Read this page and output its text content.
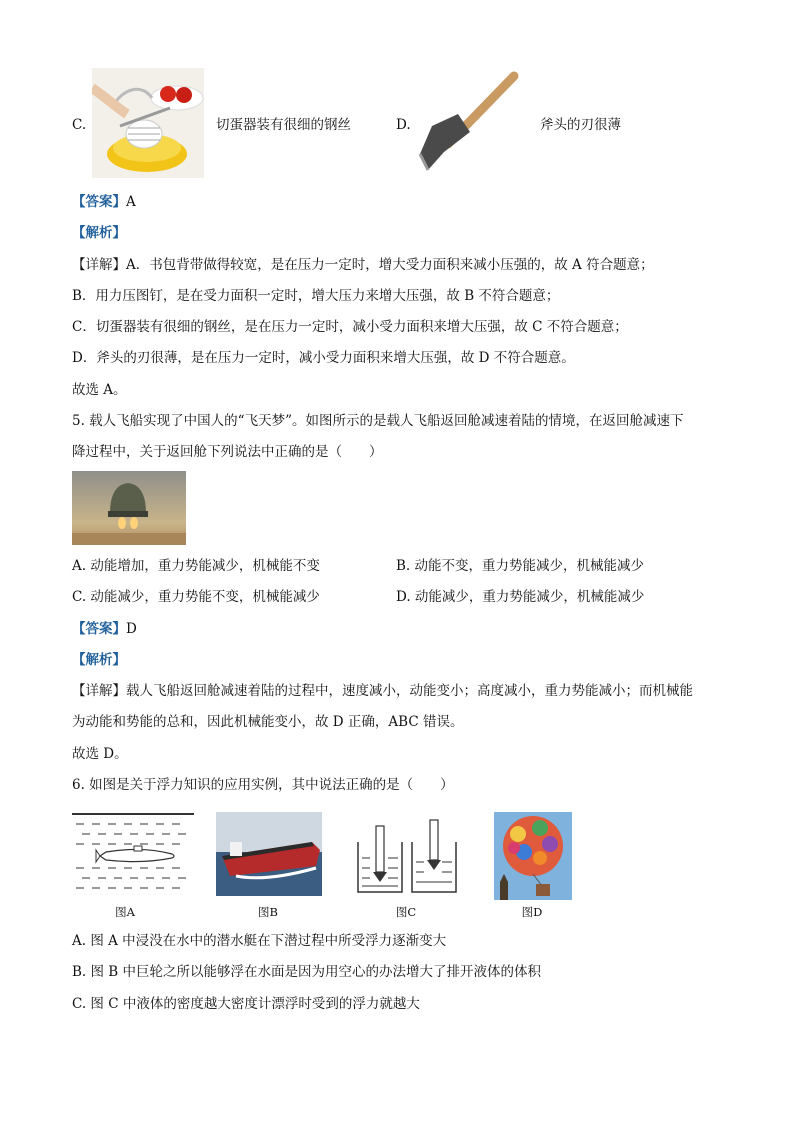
C.	切蛋器装有很细的钢丝	D.	斧头的刃很薄
【答案】A
【解析】
【详解】A．书包背带做得较宽，是在压力一定时，增大受力面积来减小压强的，故 A 符合题意；
B．用力压图钉，是在受力面积一定时，增大压力来增大压强，故 B 不符合题意；
C．切蛋器装有很细的钢丝，是在压力一定时，减小受力面积来增大压强，故 C 不符合题意；
D．斧头的刃很薄，是在压力一定时，减小受力面积来增大压强，故 D 不符合题意。
故选 A。
5. 载人飞船实现了中国人的“飞天梦”。如图所示的是载人飞船返回舱减速着陆的情境，在返回舱减速下
降过程中，关于返回舱下列说法中正确的是（　　）
A. 动能增加，重力势能减少，机械能不变	B. 动能不变，重力势能减少，机械能减少
C. 动能减少，重力势能不变，机械能减少	D. 动能减少，重力势能减少，机械能减少
【答案】D
【解析】
【详解】载人飞船返回舱减速着陆的过程中，速度减小，动能变小；高度减小，重力势能减小；而机械能
为动能和势能的总和，因此机械能变小，故 D 正确，ABC 错误。
故选 D。
6. 如图是关于浮力知识的应用实例，其中说法正确的是（　　）
图A	图B	图C	图D
A. 图 A 中浸没在水中的潜水艇在下潜过程中所受浮力逐渐变大
B. 图 B 中巨轮之所以能够浮在水面是因为用空心的办法增大了排开液体的体积
C. 图 C 中液体的密度越大密度计漂浮时受到的浮力就越大
